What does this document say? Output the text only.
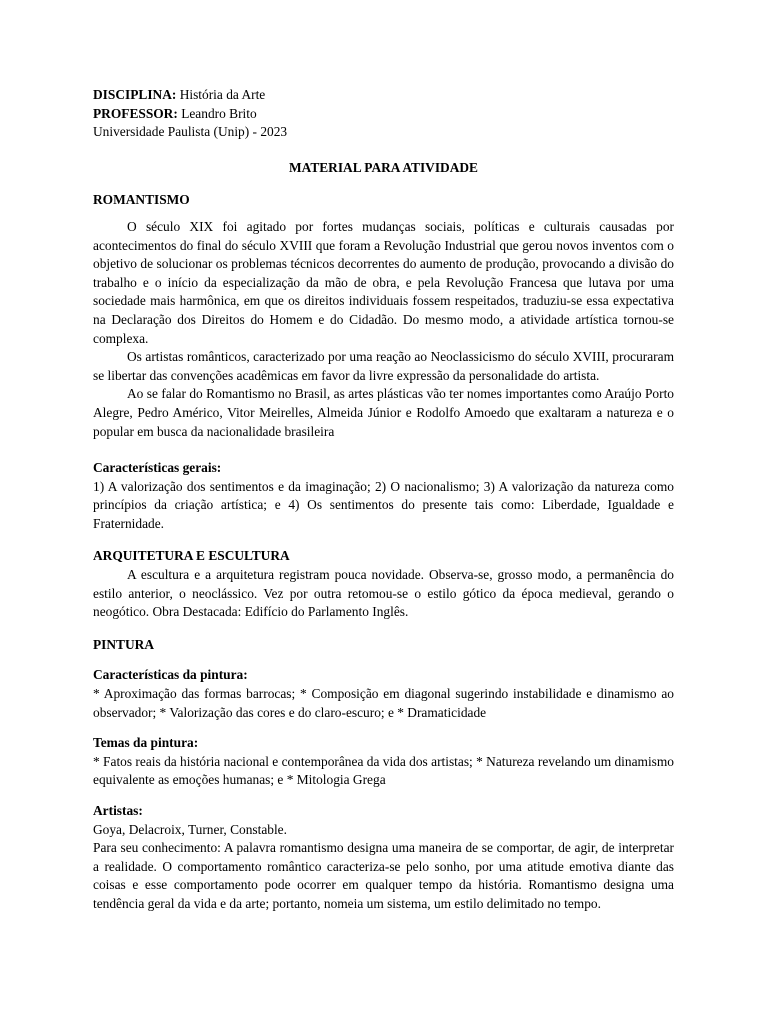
DISCIPLINA: História da Arte

PROFESSOR: Leandro Brito

Universidade Paulista (Unip) - 2023

MATERIAL PARA ATIVIDADE

ROMANTISMO

O século XIX foi agitado por fortes mudanças sociais, políticas e culturais causadas por acontecimentos do final do século XVIII que foram a Revolução Industrial que gerou novos inventos com o objetivo de solucionar os problemas técnicos decorrentes do aumento de produção, provocando a divisão do trabalho e o início da especialização da mão de obra, e pela Revolução Francesa que lutava por uma sociedade mais harmônica, em que os direitos individuais fossem respeitados, traduziu-se essa expectativa na Declaração dos Direitos do Homem e do Cidadão. Do mesmo modo, a atividade artística tornou-se complexa.

Os artistas românticos, caracterizado por uma reação ao Neoclassicismo do século XVIII, procuraram se libertar das convenções acadêmicas em favor da livre expressão da personalidade do artista.

Ao se falar do Romantismo no Brasil, as artes plásticas vão ter nomes importantes como Araújo Porto Alegre, Pedro Américo, Vitor Meirelles, Almeida Júnior e Rodolfo Amoedo que exaltaram a natureza e o popular em busca da nacionalidade brasileira

Características gerais:

1) A valorização dos sentimentos e da imaginação; 2) O nacionalismo; 3) A valorização da natureza como princípios da criação artística; e 4) Os sentimentos do presente tais como: Liberdade, Igualdade e Fraternidade.

ARQUITETURA E ESCULTURA

A escultura e a arquitetura registram pouca novidade. Observa-se, grosso modo, a permanência do estilo anterior, o neoclássico. Vez por outra retomou-se o estilo gótico da época medieval, gerando o neogótico. Obra Destacada: Edifício do Parlamento Inglês.

PINTURA

Características da pintura:

* Aproximação das formas barrocas; * Composição em diagonal sugerindo instabilidade e dinamismo ao observador; * Valorização das cores e do claro-escuro; e * Dramaticidade

Temas da pintura:

* Fatos reais da história nacional e contemporânea da vida dos artistas; * Natureza revelando um dinamismo equivalente as emoções humanas; e * Mitologia Grega

Artistas:

Goya, Delacroix, Turner, Constable.

Para seu conhecimento: A palavra romantismo designa uma maneira de se comportar, de agir, de interpretar a realidade. O comportamento romântico caracteriza-se pelo sonho, por uma atitude emotiva diante das coisas e esse comportamento pode ocorrer em qualquer tempo da história. Romantismo designa uma tendência geral da vida e da arte; portanto, nomeia um sistema, um estilo delimitado no tempo.
